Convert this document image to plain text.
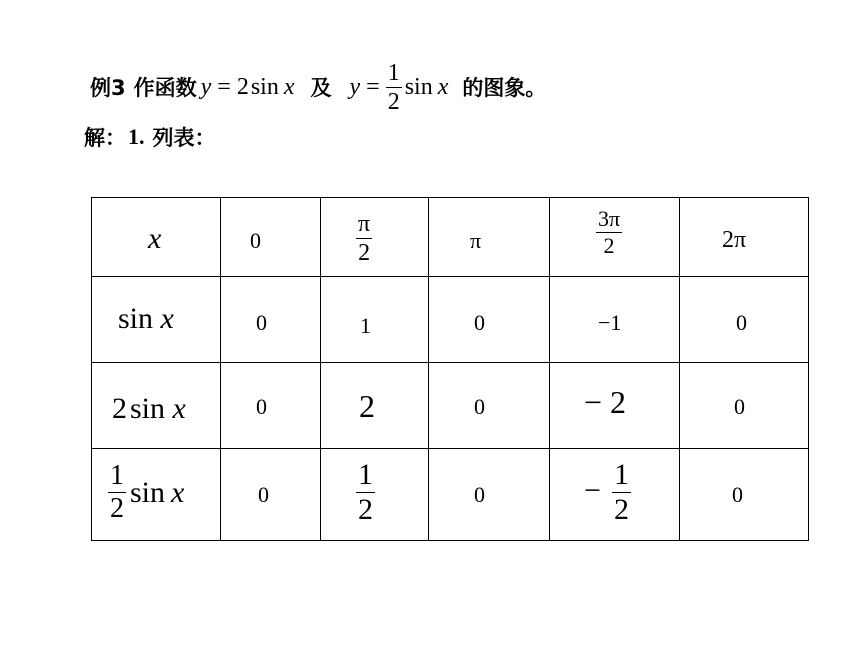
例3 作函数 y = 2 sin x 及 $y = \frac{1}{2}$ sin x 的图象。
解： 1. 列表：
x	0	$\frac{\pi}{2}$	π	$\frac{3\pi}{2}$	2π
sin x	0	1	0	−1	0
2 sin x	0	2	0	− 2	0
$\frac{1}{2}$ sin x	0	$\frac{1}{2}$	0	− $\frac{1}{2}$	0
